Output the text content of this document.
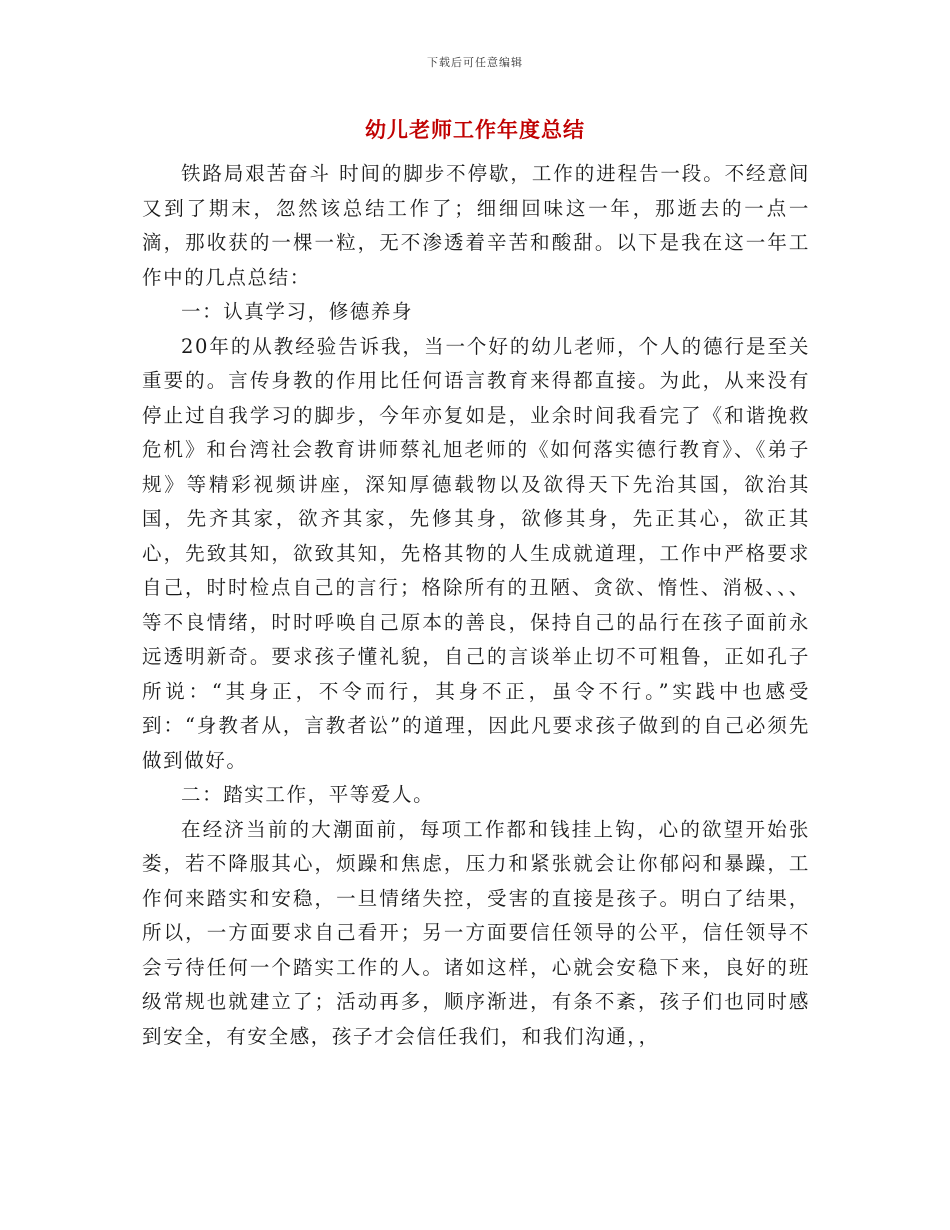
下载后可任意编辑
幼儿老师工作年度总结

铁路局艰苦奋斗 时间的脚步不停歇，工作的进程告一段。不经意间又到了期末，忽然该总结工作了；细细回味这一年，那逝去的一点一滴，那收获的一棵一粒，无不渗透着辛苦和酸甜。以下是我在这一年工作中的几点总结：

一：认真学习，修德养身

20年的从教经验告诉我，当一个好的幼儿老师，个人的德行是至关重要的。言传身教的作用比任何语言教育来得都直接。为此，从来没有停止过自我学习的脚步，今年亦复如是，业余时间我看完了《和谐挽救危机》和台湾社会教育讲师蔡礼旭老师的《如何落实德行教育》、《弟子规》等精彩视频讲座，深知厚德载物以及欲得天下先治其国，欲治其国，先齐其家，欲齐其家，先修其身，欲修其身，先正其心，欲正其心，先致其知，欲致其知，先格其物的人生成就道理，工作中严格要求自己，时时检点自己的言行；格除所有的丑陋、贪欲、惰性、消极、、、等不良情绪，时时呼唤自己原本的善良，保持自己的品行在孩子面前永远透明新奇。要求孩子懂礼貌，自己的言谈举止切不可粗鲁，正如孔子所说：“其身正，不令而行，其身不正，虽令不行。”实践中也感受到：“身教者从，言教者讼”的道理，因此凡要求孩子做到的自己必须先做到做好。

二：踏实工作，平等爱人。

在经济当前的大潮面前，每项工作都和钱挂上钩，心的欲望开始张娄，若不降服其心，烦躁和焦虑，压力和紧张就会让你郁闷和暴躁，工作何来踏实和安稳，一旦情绪失控，受害的直接是孩子。明白了结果，所以，一方面要求自己看开；另一方面要信任领导的公平，信任领导不会亏待任何一个踏实工作的人。诸如这样，心就会安稳下来，良好的班级常规也就建立了；活动再多，顺序渐进，有条不紊，孩子们也同时感到安全，有安全感，孩子才会信任我们，和我们沟通，，
